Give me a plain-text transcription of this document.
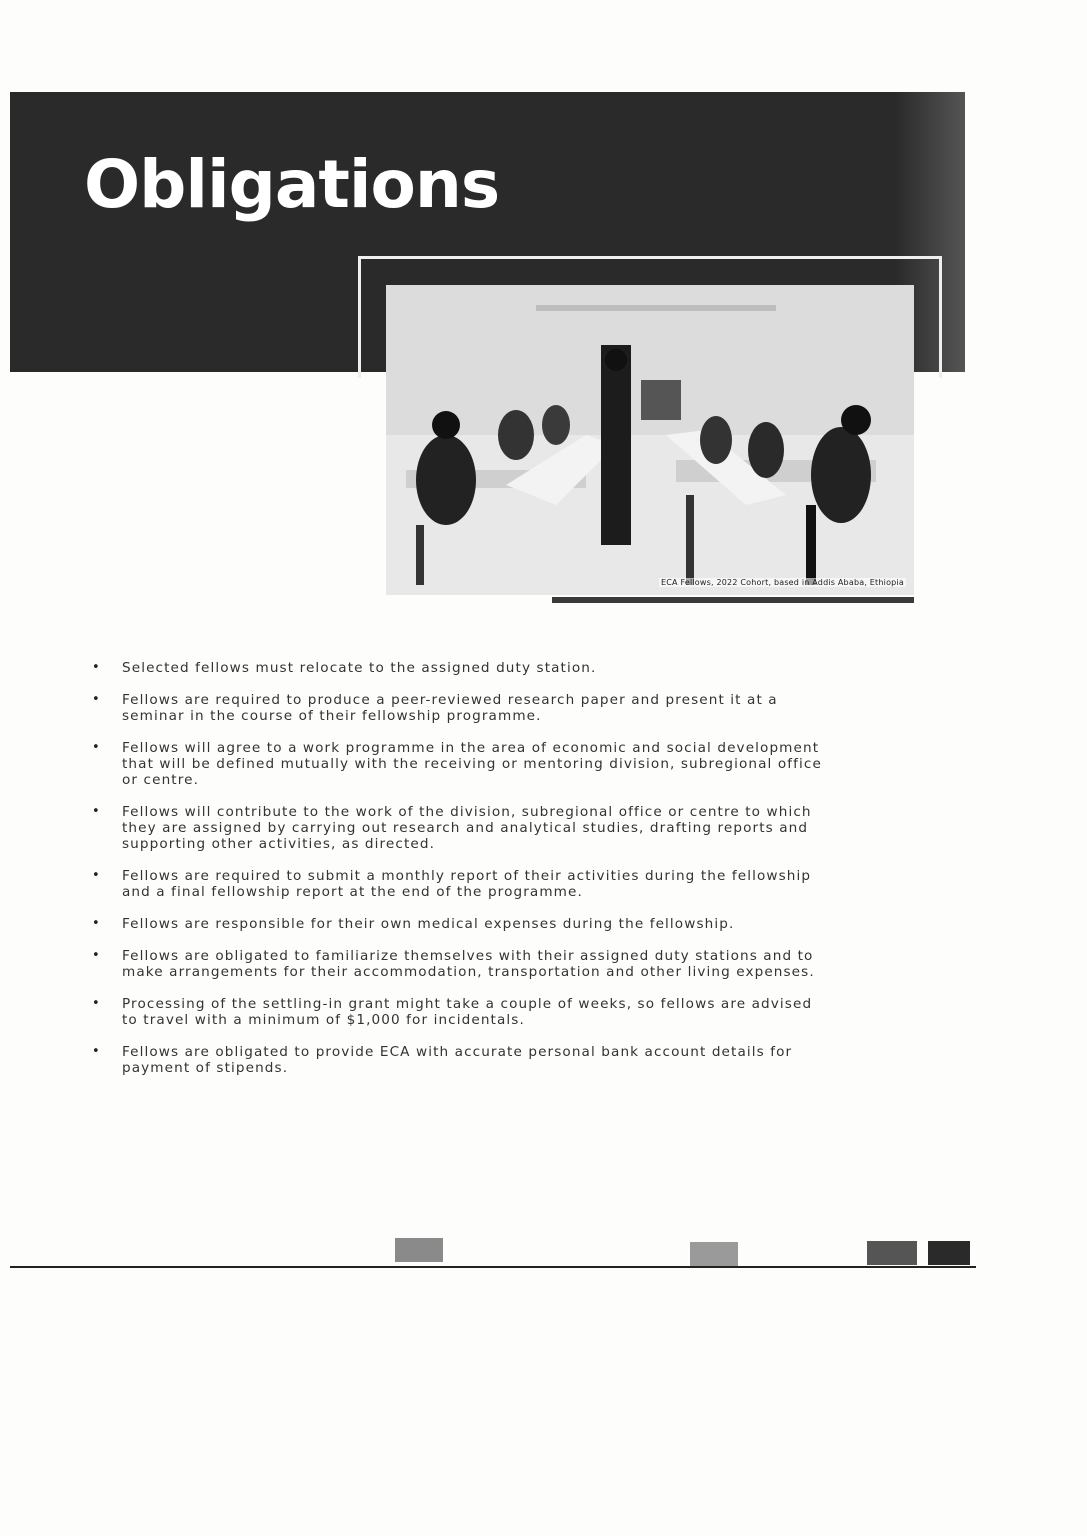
Obligations
ECA Fellows, 2022 Cohort, based in Addis Ababa, Ethiopia
• Selected fellows must relocate to the assigned duty station.
• Fellows are required to produce a peer-reviewed research paper and present it at a seminar in the course of their fellowship programme.
• Fellows will agree to a work programme in the area of economic and social development that will be defined mutually with the receiving or mentoring division, subregional office or centre.
• Fellows will contribute to the work of the division, subregional office or centre to which they are assigned by carrying out research and analytical studies, drafting reports and supporting other activities, as directed.
• Fellows are required to submit a monthly report of their activities during the fellowship and a final fellowship report at the end of the programme.
• Fellows are responsible for their own medical expenses during the fellowship.
• Fellows are obligated to familiarize themselves with their assigned duty stations and to make arrangements for their accommodation, transportation and other living expenses.
• Processing of the settling-in grant might take a couple of weeks, so fellows are advised to travel with a minimum of $1,000 for incidentals.
• Fellows are obligated to provide ECA with accurate personal bank account details for payment of stipends.
